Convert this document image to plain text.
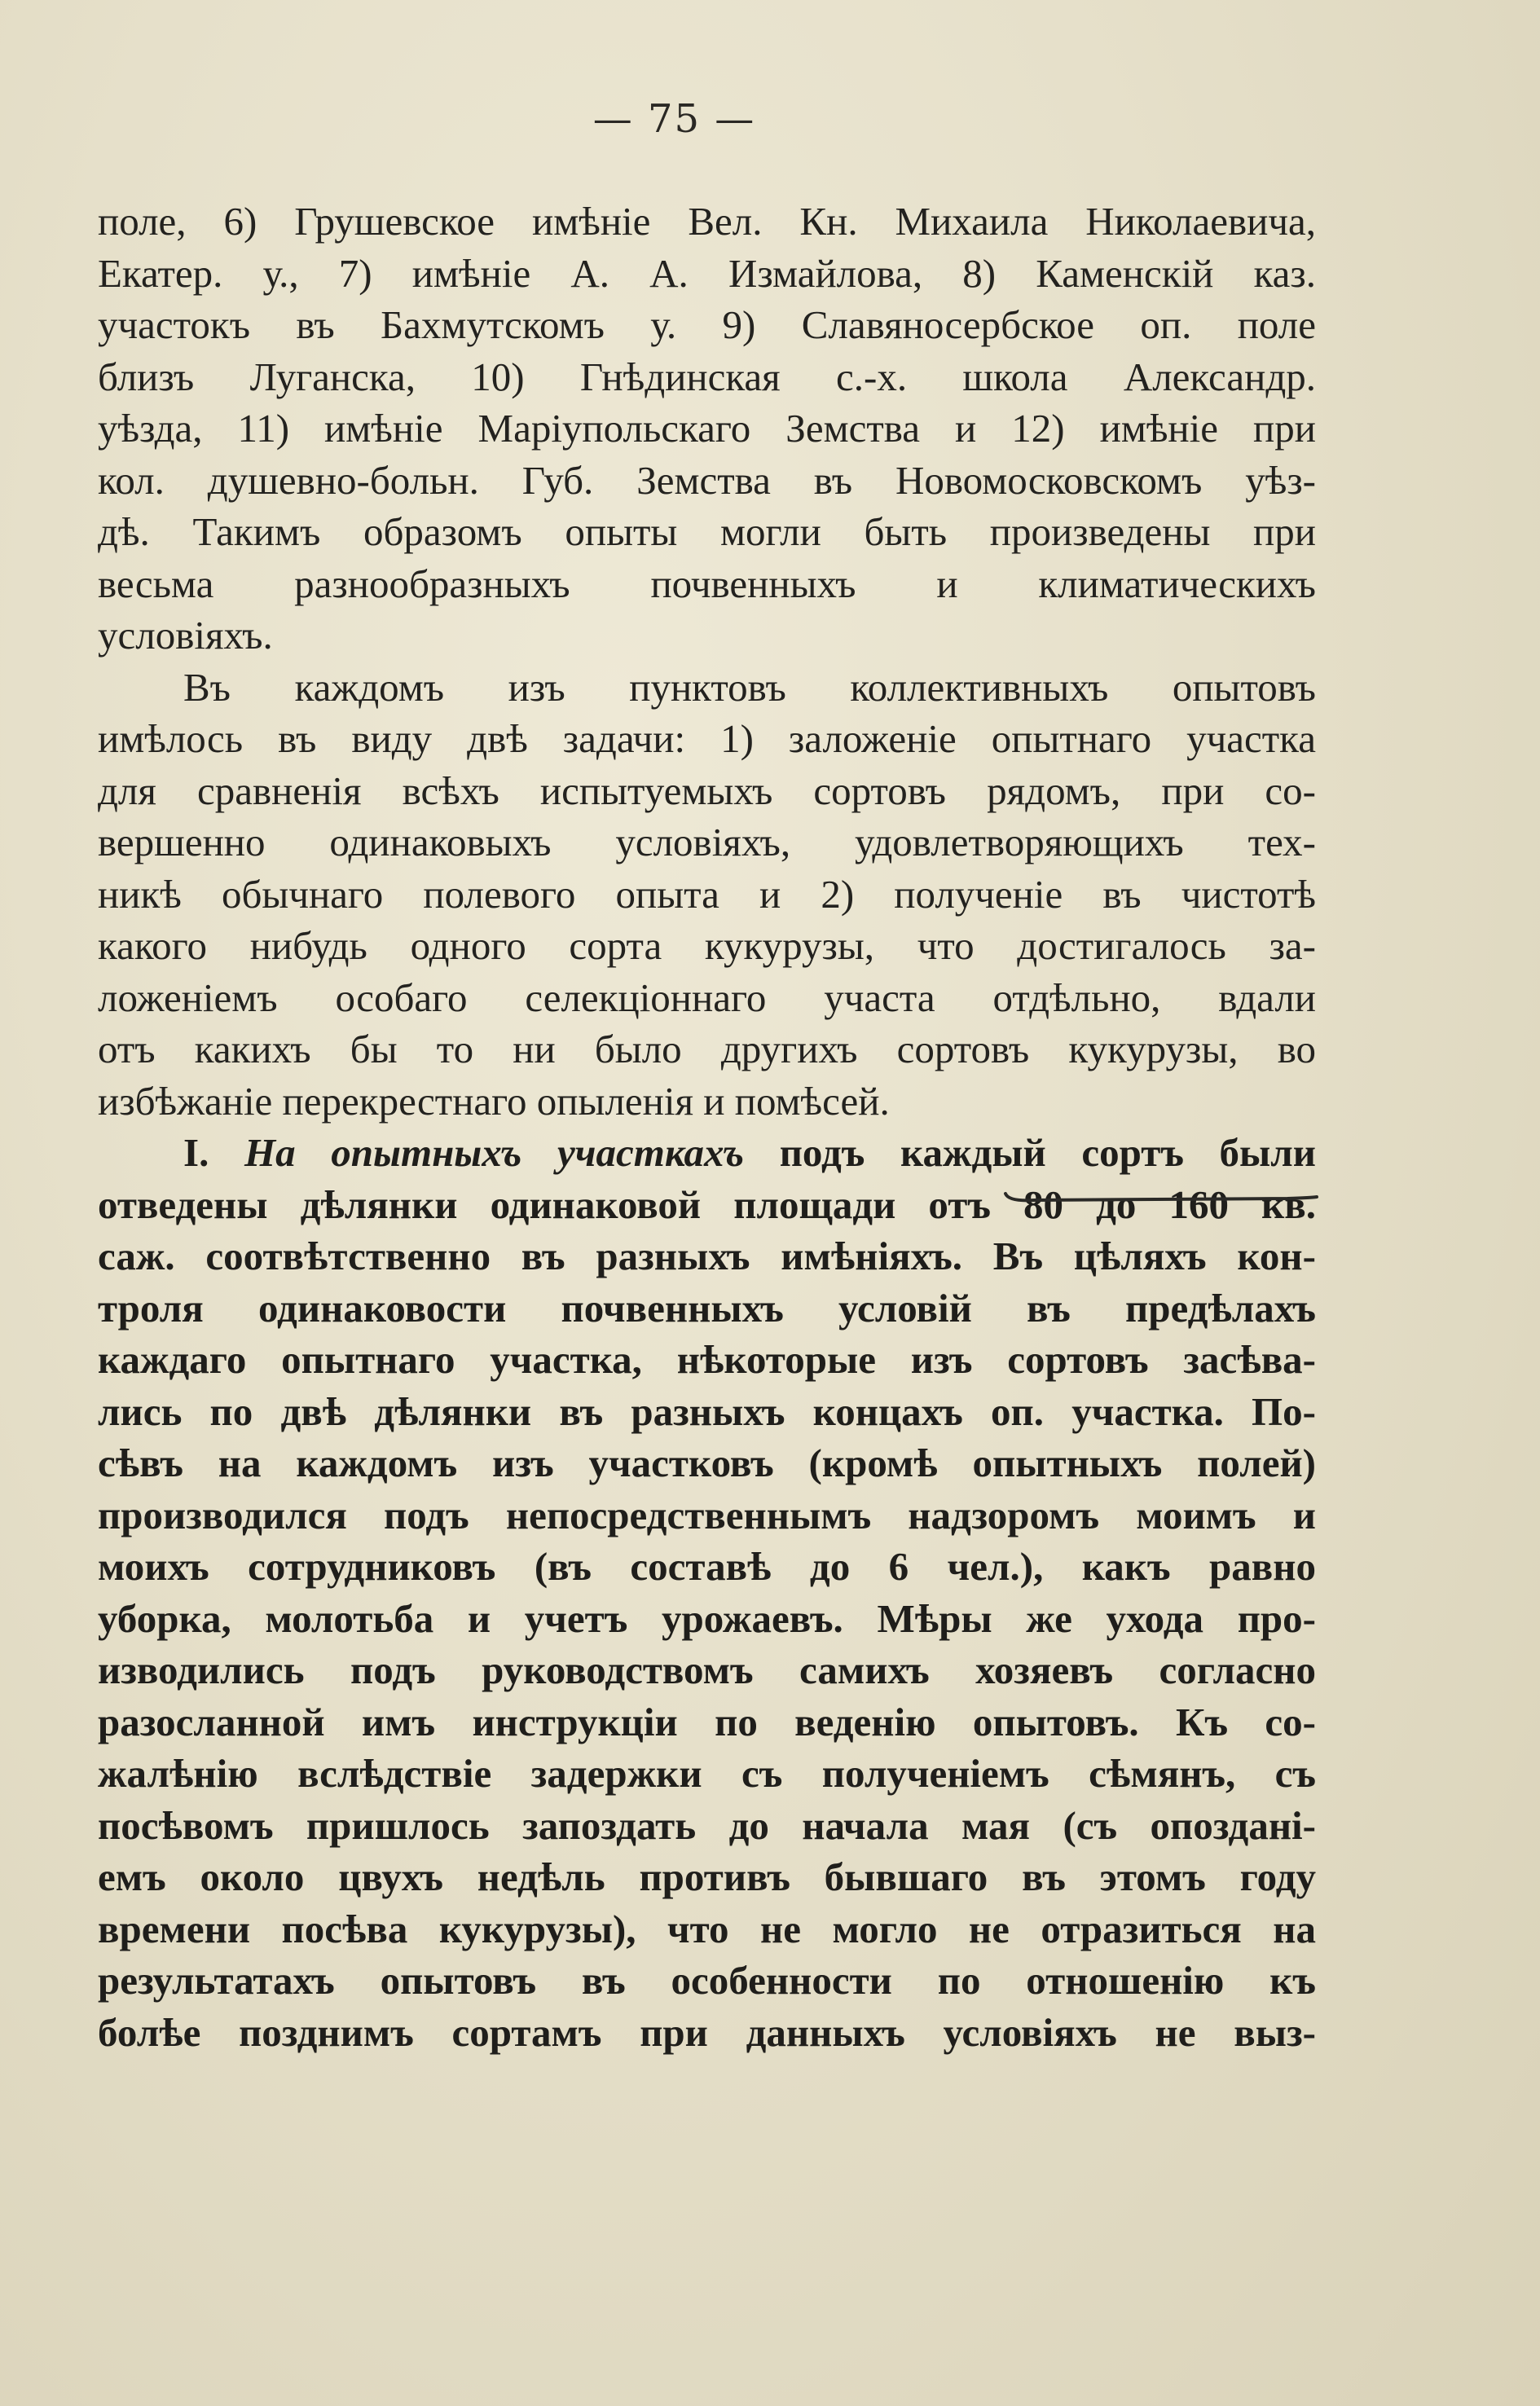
— 75 —
поле, 6) Грушевское имѣніе Вел. Кн. Михаила Николаевича,
Екатер. у., 7) имѣніе А. А. Измайлова, 8) Каменскій каз.
участокъ въ Бахмутскомъ у. 9) Славяносербское оп. поле
близъ Луганска, 10) Гнѣдинская с.-х. школа Александр.
уѣзда, 11) имѣніе Маріупольскаго Земства и 12) имѣніе при
кол. душевно-больн. Губ. Земства въ Новомосковскомъ уѣз-
дѣ. Такимъ образомъ опыты могли быть произведены при
весьма разнообразныхъ почвенныхъ и климатическихъ
условіяхъ.
Въ каждомъ изъ пунктовъ коллективныхъ опытовъ
имѣлось въ виду двѣ задачи: 1) заложеніе опытнаго участка
для сравненія всѣхъ испытуемыхъ сортовъ рядомъ, при со-
вершенно одинаковыхъ условіяхъ, удовлетворяющихъ тех-
никѣ обычнаго полевого опыта и 2) полученіе въ чистотѣ
какого нибудь одного сорта кукурузы, что достигалось за-
ложеніемъ особаго селекціоннаго участа отдѣльно, вдали
отъ какихъ бы то ни было другихъ сортовъ кукурузы, во
избѣжаніе перекрестнаго опыленія и помѣсей.
I. На опытныхъ участкахъ подъ каждый сортъ были
отведены дѣлянки одинаковой площади отъ 80 до 160 кв.
саж. соотвѣтственно въ разныхъ имѣніяхъ. Въ цѣляхъ кон-
троля одинаковости почвенныхъ условій въ предѣлахъ
каждаго опытнаго участка, нѣкоторые изъ сортовъ засѣва-
лись по двѣ дѣлянки въ разныхъ концахъ оп. участка. По-
сѣвъ на каждомъ изъ участковъ (кромѣ опытныхъ полей)
производился подъ непосредственнымъ надзоромъ моимъ и
моихъ сотрудниковъ (въ составѣ до 6 чел.), какъ равно
уборка, молотьба и учетъ урожаевъ. Мѣры же ухода про-
изводились подъ руководствомъ самихъ хозяевъ согласно
разосланной имъ инструкціи по веденію опытовъ. Къ со-
жалѣнію вслѣдствіе задержки съ полученіемъ сѣмянъ, съ
посѣвомъ пришлось запоздать до начала мая (съ опоздані-
емъ около цвухъ недѣль противъ бывшаго въ этомъ году
времени посѣва кукурузы), что не могло не отразиться на
результатахъ опытовъ въ особенности по отношенію къ
болѣе позднимъ сортамъ при данныхъ условіяхъ не выз-
